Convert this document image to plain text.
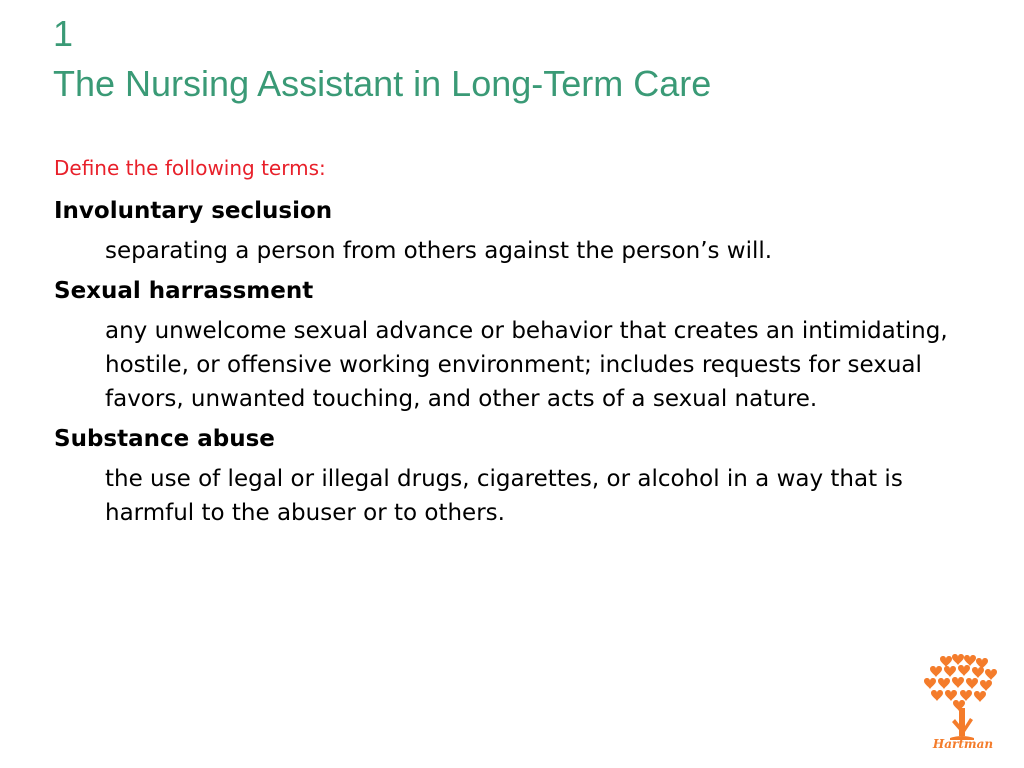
1
The Nursing Assistant in Long-Term Care
Define the following terms:

Involuntary seclusion

separating a person from others against the person’s will.

Sexual harrassment

any unwelcome sexual advance or behavior that creates an intimidating, hostile, or offensive working environment; includes requests for sexual favors, unwanted touching, and other acts of a sexual nature.

Substance abuse

the use of legal or illegal drugs, cigarettes, or alcohol in a way that is harmful to the abuser or to others.

Hartman
